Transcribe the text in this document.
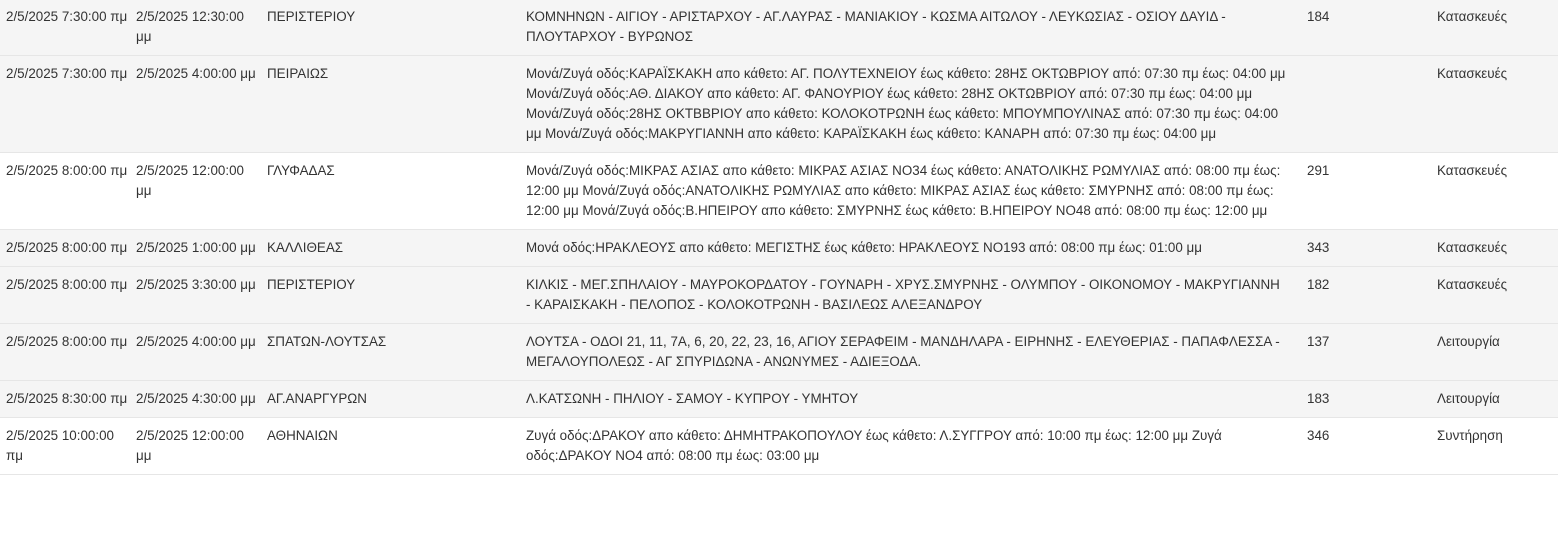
2/5/2025 7:30:00 πμ	2/5/2025 12:30:00 μμ	ΠΕΡΙΣΤΕΡΙΟΥ	ΚΟΜΝΗΝΩΝ - ΑΙΓΙΟΥ - ΑΡΙΣΤΑΡΧΟΥ - ΑΓ.ΛΑΥΡΑΣ - ΜΑΝΙΑΚΙΟΥ - ΚΩΣΜΑ ΑΙΤΩΛΟΥ - ΛΕΥΚΩΣΙΑΣ - ΟΣΙΟΥ ΔΑΥΙΔ - ΠΛΟΥΤΑΡΧΟΥ - ΒΥΡΩΝΟΣ	184	Κατασκευές
2/5/2025 7:30:00 πμ	2/5/2025 4:00:00 μμ	ΠΕΙΡΑΙΩΣ	Μονά/Ζυγά οδός:ΚΑΡΑΪΣΚΑΚΗ απο κάθετο: ΑΓ. ΠΟΛΥΤΕΧΝΕΙΟΥ έως κάθετο: 28ΗΣ ΟΚΤΩΒΡΙΟΥ από: 07:30 πμ έως: 04:00 μμ Μονά/Ζυγά οδός:ΑΘ. ΔΙΑΚΟΥ απο κάθετο: ΑΓ. ΦΑΝΟΥΡΙΟΥ έως κάθετο: 28ΗΣ ΟΚΤΩΒΡΙΟΥ από: 07:30 πμ έως: 04:00 μμ Μονά/Ζυγά οδός:28ΗΣ ΟΚΤΒΒΡΙΟΥ απο κάθετο: ΚΟΛΟΚΟΤΡΩΝΗ έως κάθετο: ΜΠΟΥΜΠΟΥΛΙΝΑΣ από: 07:30 πμ έως: 04:00 μμ Μονά/Ζυγά οδός:ΜΑΚΡΥΓΙΑΝΝΗ απο κάθετο: ΚΑΡΑΪΣΚΑΚΗ έως κάθετο: ΚΑΝΑΡΗ από: 07:30 πμ έως: 04:00 μμ		Κατασκευές
2/5/2025 8:00:00 πμ	2/5/2025 12:00:00 μμ	ΓΛΥΦΑΔΑΣ	Μονά/Ζυγά οδός:ΜΙΚΡΑΣ ΑΣΙΑΣ απο κάθετο: ΜΙΚΡΑΣ ΑΣΙΑΣ ΝΟ34 έως κάθετο: ΑΝΑΤΟΛΙΚΗΣ ΡΩΜΥΛΙΑΣ από: 08:00 πμ έως: 12:00 μμ Μονά/Ζυγά οδός:ΑΝΑΤΟΛΙΚΗΣ ΡΩΜΥΛΙΑΣ απο κάθετο: ΜΙΚΡΑΣ ΑΣΙΑΣ έως κάθετο: ΣΜΥΡΝΗΣ από: 08:00 πμ έως: 12:00 μμ Μονά/Ζυγά οδός:Β.ΗΠΕΙΡΟΥ απο κάθετο: ΣΜΥΡΝΗΣ έως κάθετο: Β.ΗΠΕΙΡΟΥ ΝΟ48 από: 08:00 πμ έως: 12:00 μμ	291	Κατασκευές
2/5/2025 8:00:00 πμ	2/5/2025 1:00:00 μμ	ΚΑΛΛΙΘΕΑΣ	Μονά οδός:ΗΡΑΚΛΕΟΥΣ απο κάθετο: ΜΕΓΙΣΤΗΣ έως κάθετο: ΗΡΑΚΛΕΟΥΣ ΝΟ193 από: 08:00 πμ έως: 01:00 μμ	343	Κατασκευές
2/5/2025 8:00:00 πμ	2/5/2025 3:30:00 μμ	ΠΕΡΙΣΤΕΡΙΟΥ	ΚΙΛΚΙΣ - ΜΕΓ.ΣΠΗΛΑΙΟΥ - ΜΑΥΡΟΚΟΡΔΑΤΟΥ - ΓΟΥΝΑΡΗ - ΧΡΥΣ.ΣΜΥΡΝΗΣ - ΟΛΥΜΠΟΥ - ΟΙΚΟΝΟΜΟΥ - ΜΑΚΡΥΓΙΑΝΝΗ - ΚΑΡΑΙΣΚΑΚΗ - ΠΕΛΟΠΟΣ - ΚΟΛΟΚΟΤΡΩΝΗ - ΒΑΣΙΛΕΩΣ ΑΛΕΞΑΝΔΡΟΥ	182	Κατασκευές
2/5/2025 8:00:00 πμ	2/5/2025 4:00:00 μμ	ΣΠΑΤΩΝ-ΛΟΥΤΣΑΣ	ΛΟΥΤΣΑ - ΟΔΟΙ 21, 11, 7Α, 6, 20, 22, 23, 16, ΑΓΙΟΥ ΣΕΡΑΦΕΙΜ - ΜΑΝΔΗΛΑΡΑ - ΕΙΡΗΝΗΣ - ΕΛΕΥΘΕΡΙΑΣ - ΠΑΠΑΦΛΕΣΣΑ - ΜΕΓΑΛΟΥΠΟΛΕΩΣ - ΑΓ ΣΠΥΡΙΔΩΝΑ - ΑΝΩΝΥΜΕΣ - ΑΔΙΕΞΟΔΑ.	137	Λειτουργία
2/5/2025 8:30:00 πμ	2/5/2025 4:30:00 μμ	ΑΓ.ΑΝΑΡΓΥΡΩΝ	Λ.ΚΑΤΣΩΝΗ - ΠΗΛΙΟΥ - ΣΑΜΟΥ - ΚΥΠΡΟΥ - ΥΜΗΤΟΥ	183	Λειτουργία
2/5/2025 10:00:00 πμ	2/5/2025 12:00:00 μμ	ΑΘΗΝΑΙΩΝ	Ζυγά οδός:ΔΡΑΚΟΥ απο κάθετο: ΔΗΜΗΤΡΑΚΟΠΟΥΛΟΥ έως κάθετο: Λ.ΣΥΓΓΡΟΥ από: 10:00 πμ έως: 12:00 μμ Ζυγά οδός:ΔΡΑΚΟΥ ΝΟ4 από: 08:00 πμ έως: 03:00 μμ	346	Συντήρηση
